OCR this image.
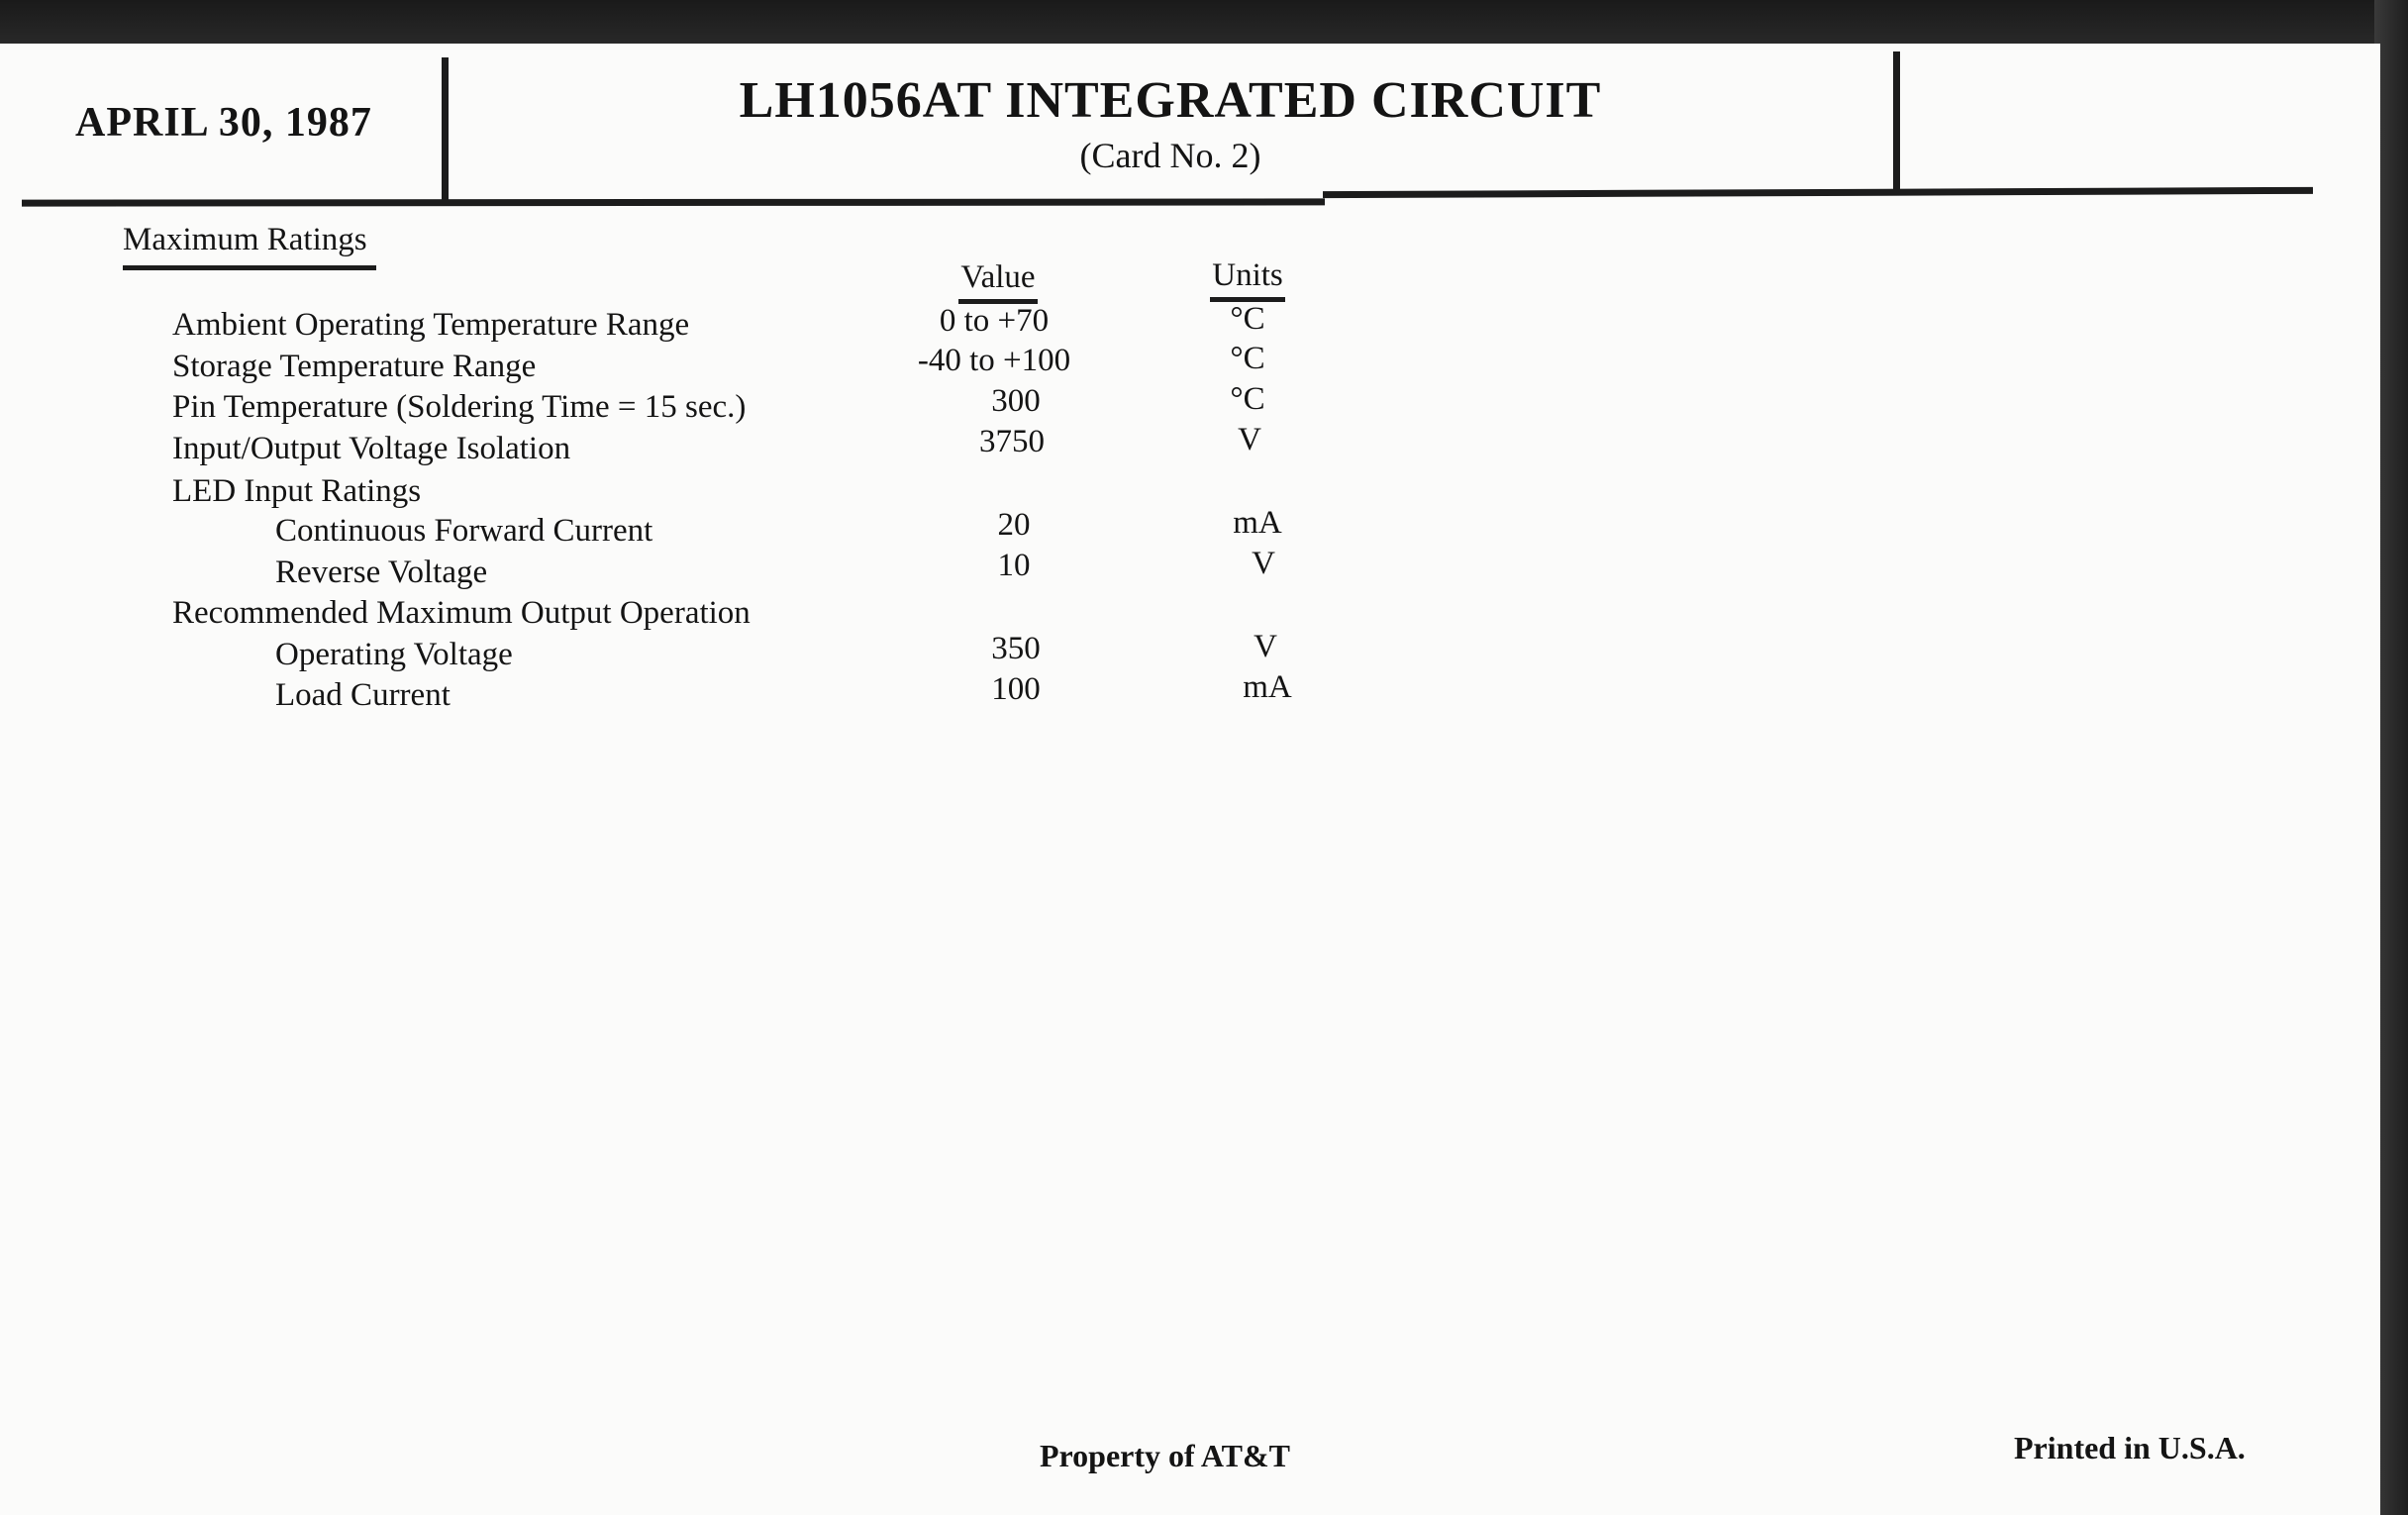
APRIL 30, 1987	LH1056AT INTEGRATED CIRCUIT
(Card No. 2)
Maximum Ratings
Value	Units
Ambient Operating Temperature Range	0 to +70	°C
Storage Temperature Range	-40 to +100	°C
Pin Temperature (Soldering Time = 15 sec.)	300	°C
Input/Output Voltage Isolation	3750	V
LED Input Ratings
Continuous Forward Current	20	mA
Reverse Voltage	10	V
Recommended Maximum Output Operation
Operating Voltage	350	V
Load Current	100	mA
Property of AT&T	Printed in U.S.A.
